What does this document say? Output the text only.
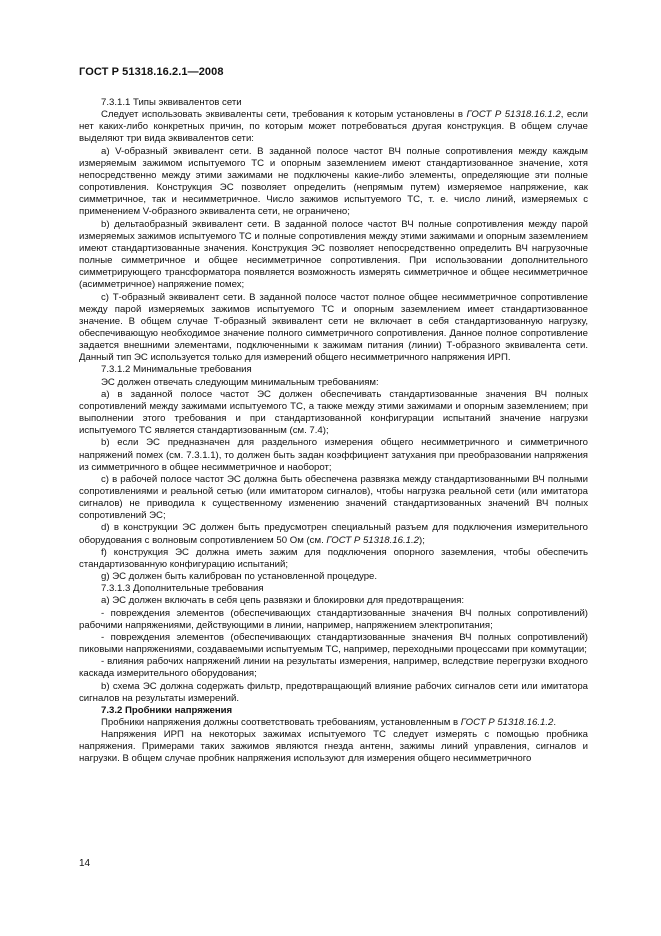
ГОСТ Р 51318.16.2.1—2008

7.3.1.1 Типы эквивалентов сети

Следует использовать эквиваленты сети, требования к которым установлены в ГОСТ Р 51318.16.1.2, если нет каких-либо конкретных причин, по которым может потребоваться другая конструкция. В общем случае выделяют три вида эквивалентов сети:

a) V-образный эквивалент сети. В заданной полосе частот ВЧ полные сопротивления между каждым измеряемым зажимом испытуемого ТС и опорным заземлением имеют стандартизованное значение, хотя непосредственно между этими зажимами не подключены какие-либо элементы, определяющие эти полные сопротивления. Конструкция ЭС позволяет определить (непрямым путем) измеряемое напряжение, как симметричное, так и несимметричное. Число зажимов испытуемого ТС, т. е. число линий, измеряемых с применением V-образного эквивалента сети, не ограничено;

b) дельтаобразный эквивалент сети. В заданной полосе частот ВЧ полные сопротивления между парой измеряемых зажимов испытуемого ТС и полные сопротивления между этими зажимами и опорным заземлением имеют стандартизованные значения. Конструкция ЭС позволяет непосредственно определить ВЧ нагрузочные полные симметричное и общее несимметричное сопротивления. При использовании дополнительного симметрирующего трансформатора появляется возможность измерять симметричное и общее несимметричное (асимметричное) напряжение помех;

c) Т-образный эквивалент сети. В заданной полосе частот полное общее несимметричное сопротивление между парой измеряемых зажимов испытуемого ТС и опорным заземлением имеет стандартизованное значение. В общем случае Т-образный эквивалент сети не включает в себя стандартизованную нагрузку, обеспечивающую необходимое значение полного симметричного сопротивления. Данное полное сопротивление задается внешними элементами, подключенными к зажимам питания (линии) Т-образного эквивалента сети. Данный тип ЭС используется только для измерений общего несимметричного напряжения ИРП.

7.3.1.2 Минимальные требования

ЭС должен отвечать следующим минимальным требованиям:

a) в заданной полосе частот ЭС должен обеспечивать стандартизованные значения ВЧ полных сопротивлений между зажимами испытуемого ТС, а также между этими зажимами и опорным заземлением; при выполнении этого требования и при стандартизованной конфигурации испытаний значение нагрузки испытуемого ТС является стандартизованным (см. 7.4);

b) если ЭС предназначен для раздельного измерения общего несимметричного и симметричного напряжений помех (см. 7.3.1.1), то должен быть задан коэффициент затухания при преобразовании напряжения из симметричного в общее несимметричное и наоборот;

c) в рабочей полосе частот ЭС должна быть обеспечена развязка между стандартизованными ВЧ полными сопротивлениями и реальной сетью (или имитатором сигналов), чтобы нагрузка реальной сети (или имитатора сигналов) не приводила к существенному изменению значений стандартизованных значений ВЧ полных сопротивлений ЭС;

d) в конструкции ЭС должен быть предусмотрен специальный разъем для подключения измерительного оборудования с волновым сопротивлением 50 Ом (см. ГОСТ Р 51318.16.1.2);

f) конструкция ЭС должна иметь зажим для подключения опорного заземления, чтобы обеспечить стандартизованную конфигурацию испытаний;

g) ЭС должен быть калиброван по установленной процедуре.

7.3.1.3 Дополнительные требования

a) ЭС должен включать в себя цепь развязки и блокировки для предотвращения:

- повреждения элементов (обеспечивающих стандартизованные значения ВЧ полных сопротивлений) рабочими напряжениями, действующими в линии, например, напряжением электропитания;

- повреждения элементов (обеспечивающих стандартизованные значения ВЧ полных сопротивлений) пиковыми напряжениями, создаваемыми испытуемым ТС, например, переходными процессами при коммутации;

- влияния рабочих напряжений линии на результаты измерения, например, вследствие перегрузки входного каскада измерительного оборудования;

b) схема ЭС должна содержать фильтр, предотвращающий влияние рабочих сигналов сети или имитатора сигналов на результаты измерений.

7.3.2 Пробники напряжения

Пробники напряжения должны соответствовать требованиям, установленным в ГОСТ Р 51318.16.1.2.

Напряжения ИРП на некоторых зажимах испытуемого ТС следует измерять с помощью пробника напряжения. Примерами таких зажимов являются гнезда антенн, зажимы линий управления, сигналов и нагрузки. В общем случае пробник напряжения используют для измерения общего несимметричного

14
